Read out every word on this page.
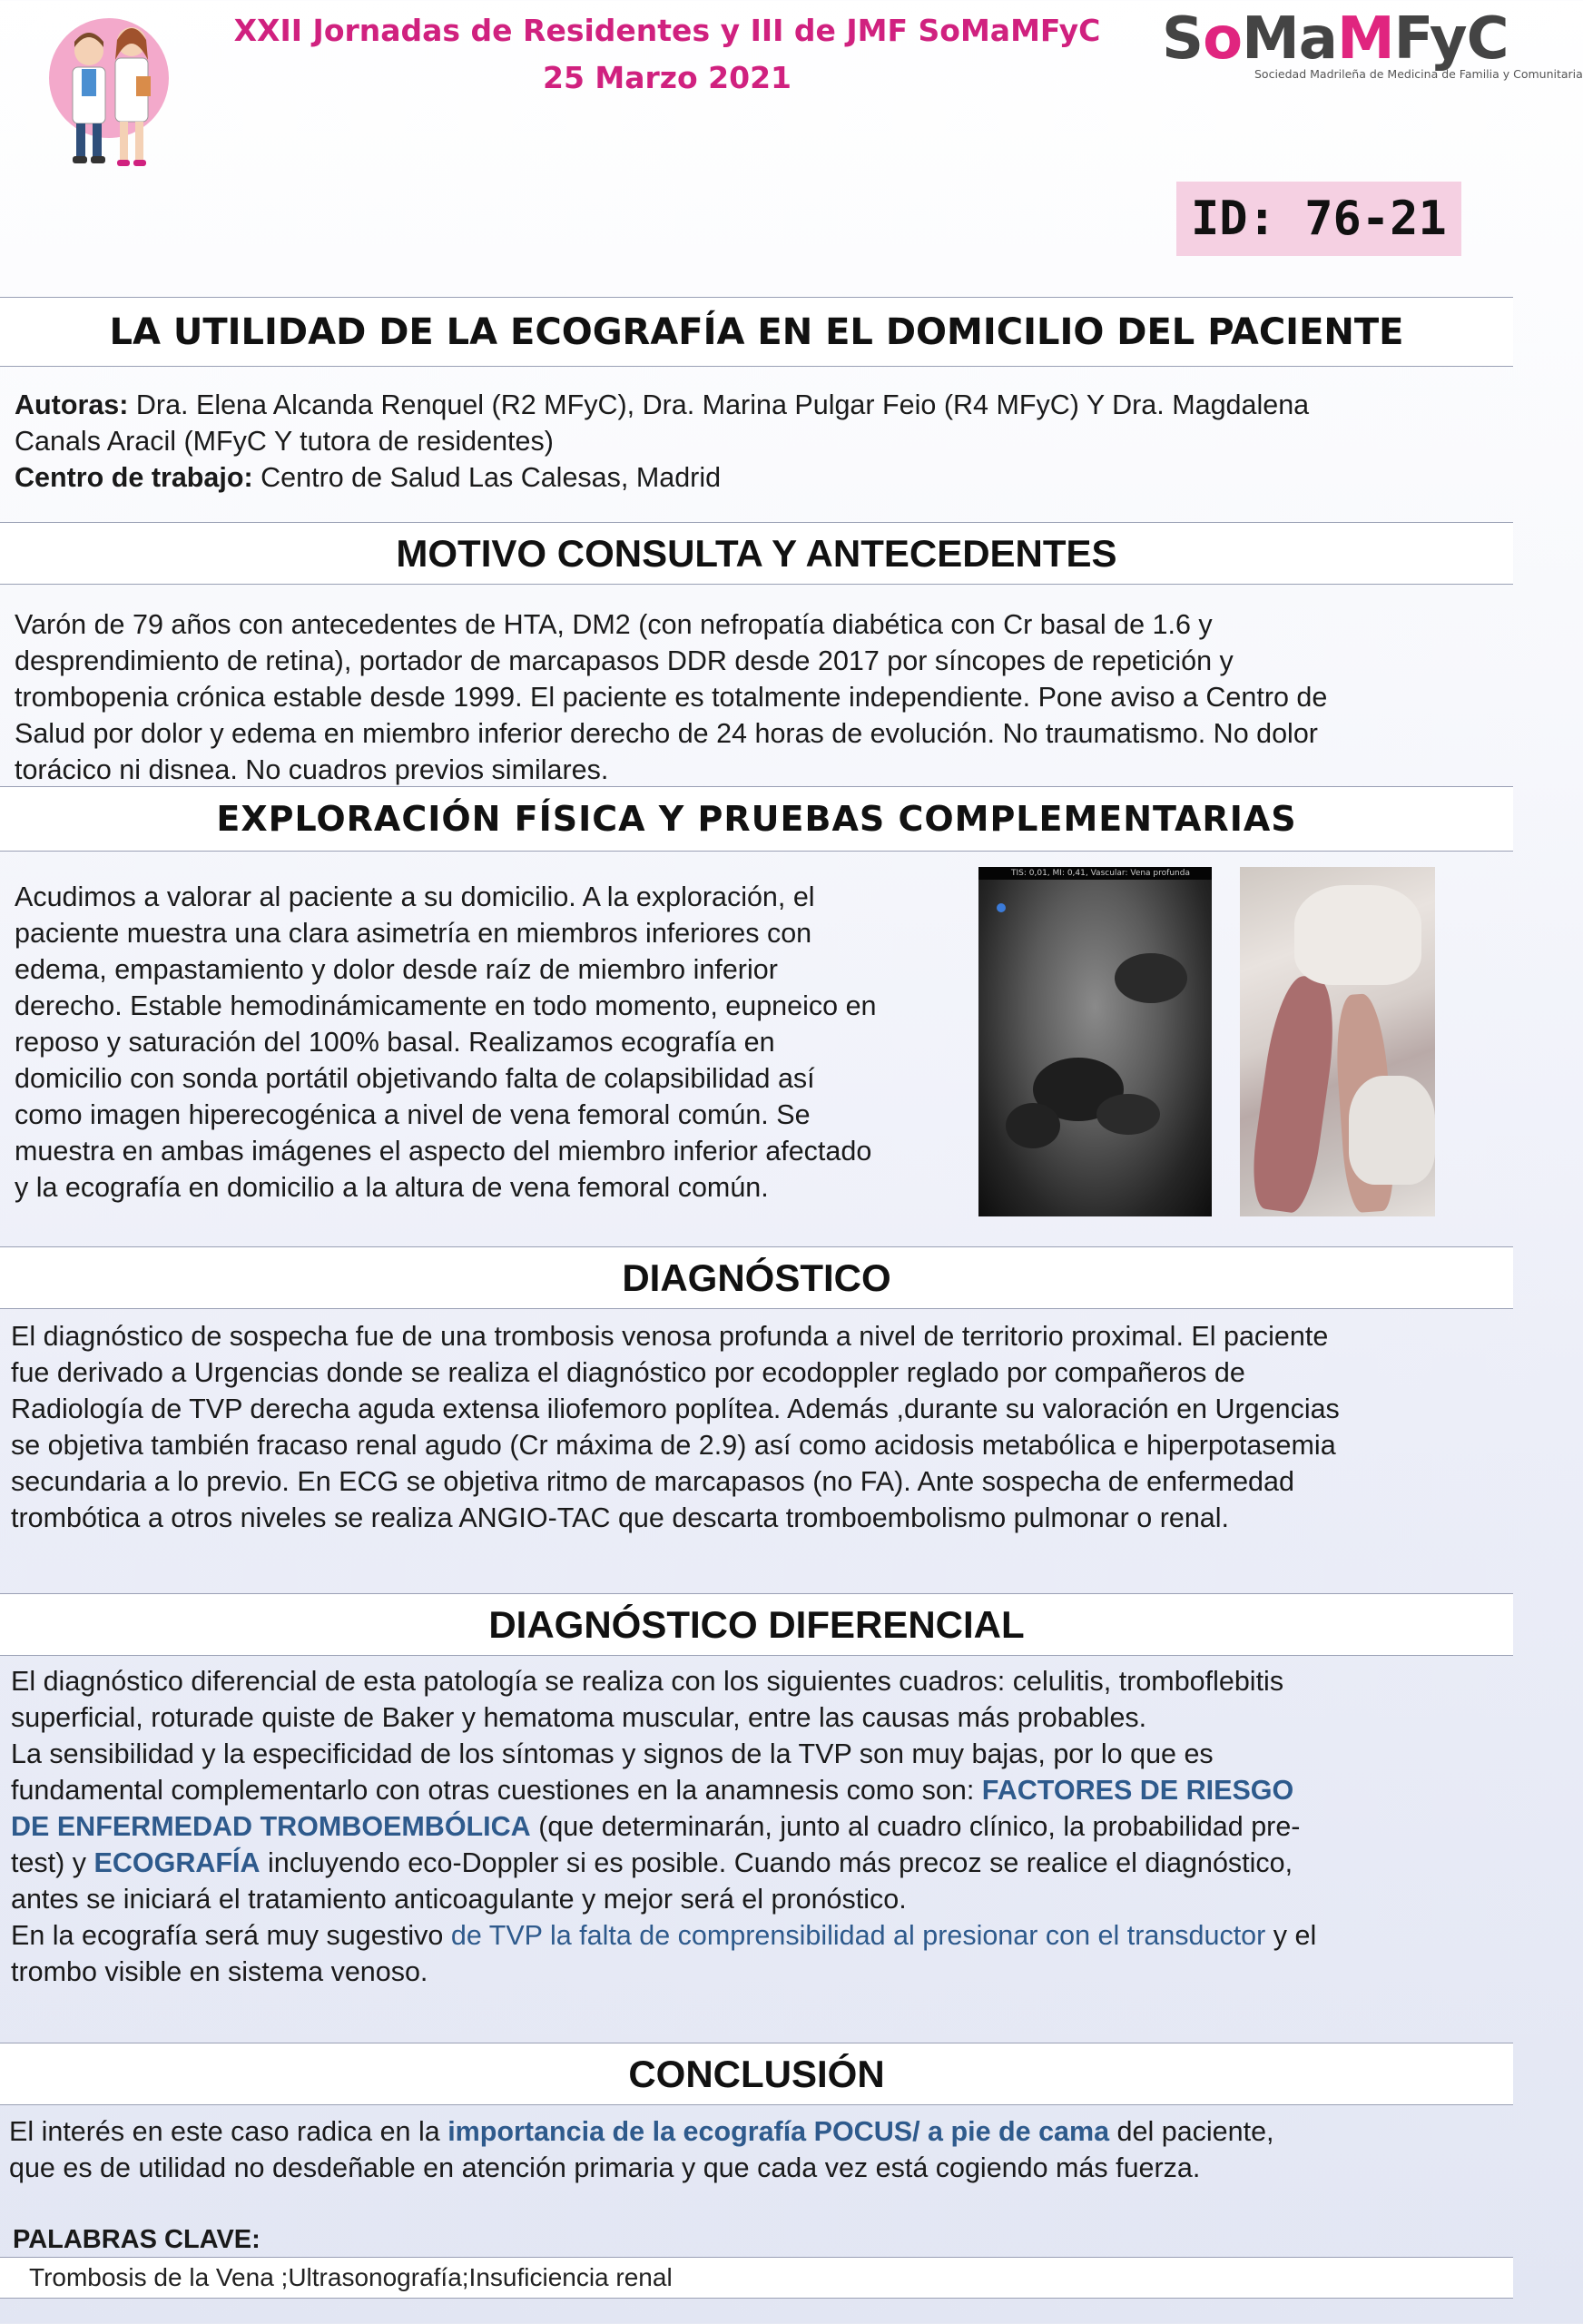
XXII Jornadas de Residentes y III de JMF SoMaMFyC
25 Marzo 2021
SoMaMFyC
Sociedad Madrileña de Medicina de Familia y Comunitaria
ID: 76-21
LA UTILIDAD DE LA ECOGRAFÍA EN EL DOMICILIO DEL PACIENTE

Autoras: Dra. Elena Alcanda Renquel (R2 MFyC), Dra. Marina Pulgar Feio (R4 MFyC) Y Dra. Magdalena

Canals Aracil (MFyC Y tutora de residentes)

Centro de trabajo: Centro de Salud Las Calesas, Madrid

MOTIVO CONSULTA Y ANTECEDENTES

Varón de 79 años con antecedentes de HTA, DM2 (con nefropatía diabética con Cr basal de 1.6 y

desprendimiento de retina), portador de marcapasos DDR desde 2017 por síncopes de repetición y

trombopenia crónica estable desde 1999. El paciente es totalmente independiente. Pone aviso a Centro de

Salud por dolor y edema en miembro inferior derecho de 24 horas de evolución. No traumatismo. No dolor

torácico ni disnea. No cuadros previos similares.

EXPLORACIÓN FÍSICA Y PRUEBAS COMPLEMENTARIAS

Acudimos a valorar al paciente a su domicilio. A la exploración, el

paciente muestra una clara asimetría en miembros inferiores con

edema, empastamiento y dolor desde raíz de miembro inferior

derecho. Estable hemodinámicamente en todo momento, eupneico en

reposo y saturación del 100% basal. Realizamos ecografía en

domicilio con sonda portátil objetivando falta de colapsibilidad así

como imagen hiperecogénica a nivel de vena femoral común. Se

muestra en ambas imágenes el aspecto del miembro inferior afectado

y la ecografía en domicilio a la altura de vena femoral común.

TIS: 0,01, MI: 0,41, Vascular: Vena profunda
DIAGNÓSTICO

El diagnóstico de sospecha fue de una trombosis venosa profunda a nivel de territorio proximal. El paciente

fue derivado a Urgencias donde se realiza el diagnóstico por ecodoppler reglado por compañeros de

Radiología de TVP derecha aguda extensa iliofemoro poplítea. Además ,durante su valoración en Urgencias

se objetiva también fracaso renal agudo (Cr máxima de 2.9) así como acidosis metabólica e hiperpotasemia

secundaria a lo previo. En ECG se objetiva ritmo de marcapasos (no FA). Ante sospecha de enfermedad

trombótica a otros niveles se realiza ANGIO-TAC que descarta tromboembolismo pulmonar o renal.

DIAGNÓSTICO DIFERENCIAL

El diagnóstico diferencial de esta patología se realiza con los siguientes cuadros: celulitis, tromboflebitis

superficial, roturade quiste de Baker y hematoma muscular, entre las causas más probables.

La sensibilidad y la especificidad de los síntomas y signos de la TVP son muy bajas, por lo que es

fundamental complementarlo con otras cuestiones en la anamnesis como son: FACTORES DE RIESGO

DE ENFERMEDAD TROMBOEMBÓLICA (que determinarán, junto al cuadro clínico, la probabilidad pre-

test) y ECOGRAFÍA incluyendo eco-Doppler si es posible. Cuando más precoz se realice el diagnóstico,

antes se iniciará el tratamiento anticoagulante y mejor será el pronóstico.

En la ecografía será muy sugestivo de TVP la falta de comprensibilidad al presionar con el transductor y el

trombo visible en sistema venoso.

CONCLUSIÓN

El interés en este caso radica en la importancia de la ecografía POCUS/ a pie de cama del paciente,

que es de utilidad no desdeñable en atención primaria y que cada vez está cogiendo más fuerza.

PALABRAS CLAVE:
Trombosis de la Vena ;Ultrasonografía;Insuficiencia renal
